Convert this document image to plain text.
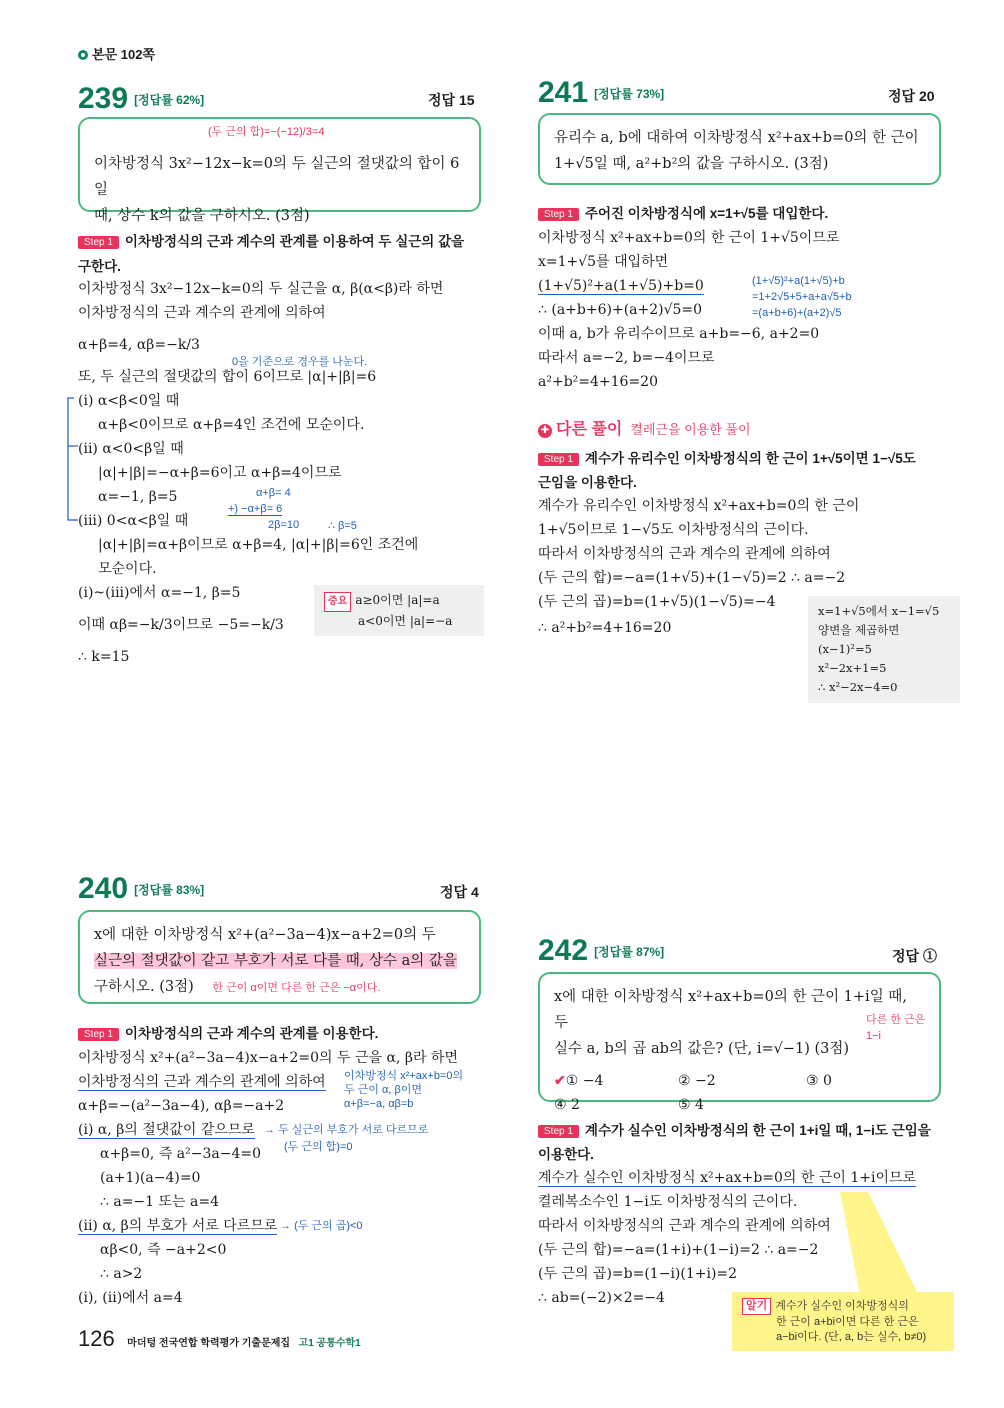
본문 102쪽
239 [정답률 62%]	정답 15
(두 근의 합)=−(−12)/3=4
이차방정식 3x²−12x−k=0의 두 실근의 절댓값의 합이 6일
때, 상수 k의 값을 구하시오. (3점)
Step 1 이차방정식의 근과 계수의 관계를 이용하여 두 실근의 값을
구한다.
이차방정식 3x²−12x−k=0의 두 실근을 α, β(α<β)라 하면
이차방정식의 근과 계수의 관계에 의하여
α+β=4, αβ=−k/3
0을 기준으로 경우를 나눈다.
또, 두 실근의 절댓값의 합이 6이므로 |α|+|β|=6
(i) α<β<0일 때
α+β<0이므로 α+β=4인 조건에 모순이다.
(ii) α<0<β일 때
|α|+|β|=−α+β=6이고 α+β=4이므로
α=−1, β=5	α+β= 4
+) −α+β= 6
2β=10	∴ β=5
(iii) 0<α<β일 때
|α|+|β|=α+β이므로 α+β=4, |α|+|β|=6인 조건에
모순이다.
(i)~(iii)에서 α=−1, β=5
이때 αβ=−k/3이므로 −5=−k/3
∴ k=15
중요 a≥0이면 |a|=a
a<0이면 |a|=−a
240 [정답률 83%]	정답 4
x에 대한 이차방정식 x²+(a²−3a−4)x−a+2=0의 두
실근의 절댓값이 같고 부호가 서로 다를 때, 상수 a의 값을
구하시오. (3점) 한 근이 α이면 다른 한 근은 −α이다.
Step 1 이차방정식의 근과 계수의 관계를 이용한다.
이차방정식 x²+(a²−3a−4)x−a+2=0의 두 근을 α, β라 하면
이차방정식의 근과 계수의 관계에 의하여 이차방정식 x²+ax+b=0의
두 근이 α, β이면
α+β=−a, αβ=b
α+β=−(a²−3a−4), αβ=−a+2
(i) α, β의 절댓값이 같으므로 → 두 실근의 부호가 서로 다르므로
(두 근의 합)=0
α+β=0, 즉 a²−3a−4=0
(a+1)(a−4)=0
∴ a=−1 또는 a=4
(ii) α, β의 부호가 서로 다르므로 → (두 근의 곱)<0
αβ<0, 즉 −a+2<0
∴ a>2
(i), (ii)에서 a=4
241 [정답률 73%]	정답 20
유리수 a, b에 대하여 이차방정식 x²+ax+b=0의 한 근이
1+√5일 때, a²+b²의 값을 구하시오. (3점)
Step 1 주어진 이차방정식에 x=1+√5를 대입한다.
이차방정식 x²+ax+b=0의 한 근이 1+√5이므로
x=1+√5를 대입하면
(1+√5)²+a(1+√5)+b=0	(1+√5)²+a(1+√5)+b
=1+2√5+5+a+a√5+b
=(a+b+6)+(a+2)√5
∴ (a+b+6)+(a+2)√5=0
이때 a, b가 유리수이므로 a+b=−6, a+2=0
따라서 a=−2, b=−4이므로
a²+b²=4+16=20
✚ 다른 풀이 켤레근을 이용한 풀이
Step 1 계수가 유리수인 이차방정식의 한 근이 1+√5이면 1−√5도
근임을 이용한다.
계수가 유리수인 이차방정식 x²+ax+b=0의 한 근이
1+√5이므로 1−√5도 이차방정식의 근이다.
따라서 이차방정식의 근과 계수의 관계에 의하여
(두 근의 합)=−a=(1+√5)+(1−√5)=2 ∴ a=−2
(두 근의 곱)=b=(1+√5)(1−√5)=−4
∴ a²+b²=4+16=20
x=1+√5에서 x−1=√5
양변을 제곱하면
(x−1)²=5
x²−2x+1=5
∴ x²−2x−4=0
242 [정답률 87%]	정답 ①
x에 대한 이차방정식 x²+ax+b=0의 한 근이 1+i일 때, 두
실수 a, b의 곱 ab의 값은? (단, i=√−1) (3점)
✔① −4	② −2	③ 0
④ 2	⑤ 4
다른 한 근은
1−i
Step 1 계수가 실수인 이차방정식의 한 근이 1+i일 때, 1−i도 근임을
이용한다.
계수가 실수인 이차방정식 x²+ax+b=0의 한 근이 1+i이므로
켤레복소수인 1−i도 이차방정식의 근이다.
따라서 이차방정식의 근과 계수의 관계에 의하여
(두 근의 합)=−a=(1+i)+(1−i)=2 ∴ a=−2
(두 근의 곱)=b=(1−i)(1+i)=2
∴ ab=(−2)×2=−4	알기 계수가 실수인 이차방정식의
한 근이 a+bi이면 다른 한 근은
a−bi이다. (단, a, b는 실수, b≠0)
126 마더텅 전국연합 학력평가 기출문제집 고1 공통수학1
